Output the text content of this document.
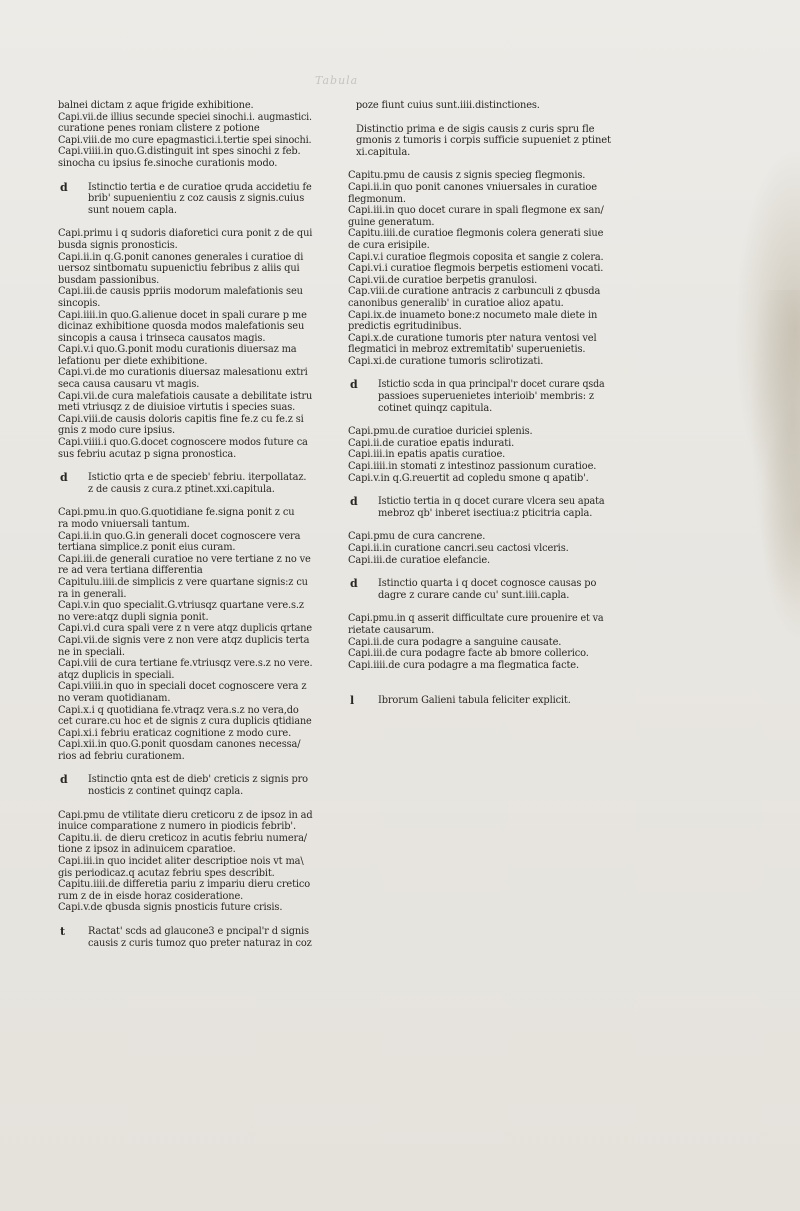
Tabula
balnei dictam z aque frigide exhibitione.
Capi.vii.de illius secunde speciei sinochi.i. augmastici.
curatione penes roniam clistere z potione
Capi.viii.de mo cure epagmastici.i.tertie spei sinochi.
Capi.viiii.in quo.G.distinguit int spes sinochi z feb.
sinocha cu ipsius fe.sinoche curationis modo.
d Istinctio tertia e de curatioe qruda accidetiu fe
brib' supuenientiu z coz causis z signis.cuius
sunt nouem capla.
Capi.primu i q sudoris diaforetici cura ponit z de qui
busda signis pronosticis.
Capi.ii.in q.G.ponit canones generales i curatioe di
uersoz sintbomatu supuenictiu febribus z aliis qui
busdam passionibus.
Capi.iii.de causis ppriis modorum malefationis seu
sincopis.
Capi.iiii.in quo.G.alienue docet in spali curare p me
dicinaz exhibitione quosda modos malefationis seu
sincopis a causa i trinseca causatos magis.
Capi.v.i quo.G.ponit modu curationis diuersaz ma
lefationu per diete exhibitione.
Capi.vi.de mo curationis diuersaz malesationu extri
seca causa causaru vt magis.
Capi.vii.de cura malefatiois causate a debilitate istru
meti vtriusqz z de diuisioe virtutis i species suas.
Capi.viii.de causis doloris capitis fine fe.z cu fe.z si
gnis z modo cure ipsius.
Capi.viiii.i quo.G.docet cognoscere modos future ca
sus febriu acutaz p signa pronostica.
d Istictio qrta e de specieb' febriu. iterpollataz.
z de causis z cura.z ptinet.xxi.capitula.
Capi.pmu.in quo.G.quotidiane fe.signa ponit z cu
ra modo vniuersali tantum.
Capi.ii.in quo.G.in generali docet cognoscere vera
tertiana simplice.z ponit eius curam.
Capi.iii.de generali curatioe no vere tertiane z no ve
re ad vera tertiana differentia
Capitulu.iiii.de simplicis z vere quartane signis:z cu
ra in generali.
Capi.v.in quo specialit.G.vtriusqz quartane vere.s.z
no vere:atqz dupli signia ponit.
Capi.vi.d cura spali vere z n vere atqz duplicis qrtane
Capi.vii.de signis vere z non vere atqz duplicis terta
ne in speciali.
Capi.viii de cura tertiane fe.vtriusqz vere.s.z no vere.
atqz duplicis in speciali.
Capi.viiii.in quo in speciali docet cognoscere vera z
no veram quotidianam.
Capi.x.i q quotidiana fe.vtraqz vera.s.z no vera,do
cet curare.cu hoc et de signis z cura duplicis qtidiane
Capi.xi.i febriu eraticaz cognitione z modo cure.
Capi.xii.in quo.G.ponit quosdam canones necessa/
rios ad febriu curationem.
d Istinctio qnta est de dieb' creticis z signis pro
nosticis z continet quinqz capla.
Capi.pmu de vtilitate dieru creticoru z de ipsoz in ad
inuice comparatione z numero in piodicis febrib'.
Capitu.ii. de dieru creticoz in acutis febriu numera/
tione z ipsoz in adinuicem cparatioe.
Capi.iii.in quo incidet aliter descriptioe nois vt ma\
gis periodicaz.q acutaz febriu spes describit.
Capitu.iiii.de differetia pariu z impariu dieru cretico
rum z de in eisde horaz cosideratione.
Capi.v.de qbusda signis pnosticis future crisis.
t Ractat' scds ad glaucone3 e pncipal'r d signis
causis z curis tumoz quo preter naturaz in coz
poze fiunt cuius sunt.iiii.distinctiones.
Distinctio prima e de sigis causis z curis spru fle
gmonis z tumoris i corpis sufficie supueniet z ptinet
xi.capitula.
Capitu.pmu de causis z signis specieg flegmonis.
Capi.ii.in quo ponit canones vniuersales in curatioe
flegmonum.
Capi.iii.in quo docet curare in spali flegmone ex san/
guine generatum.
Capitu.iiii.de curatioe flegmonis colera generati siue
de cura erisipile.
Capi.v.i curatioe flegmois coposita et sangie z colera.
Capi.vi.i curatioe flegmois berpetis estiomeni vocati.
Capi.vii.de curatioe berpetis granulosi.
Cap.viii.de curatione antracis z carbunculi z qbusda
canonibus generalib' in curatioe alioz apatu.
Capi.ix.de inuameto bone:z nocumeto male diete in
predictis egritudinibus.
Capi.x.de curatione tumoris pter natura ventosi vel
flegmatici in mebroz extremitatib' superuenietis.
Capi.xi.de curatione tumoris sclirotizati.
d Istictio scda in qua principal'r docet curare qsda
passioes superuenietes interioib' membris: z
cotinet quinqz capitula.
Capi.pmu.de curatioe duriciei splenis.
Capi.ii.de curatioe epatis indurati.
Capi.iii.in epatis apatis curatioe.
Capi.iiii.in stomati z intestinoz passionum curatioe.
Capi.v.in q.G.reuertit ad copledu smone q apatib'.
d Istictio tertia in q docet curare vlcera seu apata
mebroz qb' inberet isectiua:z pticitria capla.
Capi.pmu de cura cancrene.
Capi.ii.in curatione cancri.seu cactosi vlceris.
Capi.iii.de curatioe elefancie.
d Istinctio quarta i q docet cognosce causas po
dagre z curare cande cu' sunt.iiii.capla.
Capi.pmu.in q asserit difficultate cure prouenire et va
rietate causarum.
Capi.ii.de cura podagre a sanguine causate.
Capi.iii.de cura podagre facte ab bmore collerico.
Capi.iiii.de cura podagre a ma flegmatica facte.
l Ibrorum Galieni tabula feliciter explicit.
